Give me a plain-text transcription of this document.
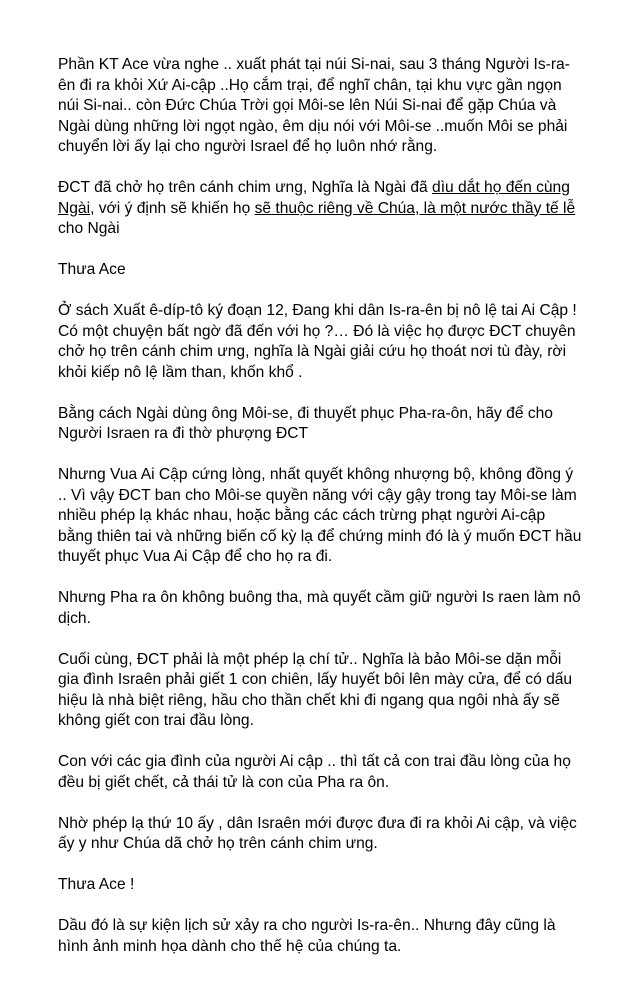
Phần KT Ace vừa nghe .. xuất phát tại núi Si-nai, sau 3 tháng Người Is-ra-ên đi ra khỏi Xứ Ai-cập ..Họ cắm trại, để nghĩ chân, tại khu vực gần ngọn núi Si-nai.. còn Đức Chúa Trời gọi Môi-se lên Núi Si-nai để gặp Chúa và Ngài dùng những lời ngọt ngào, êm dịu nói với Môi-se ..muốn Môi se phải chuyển lời ấy lại cho người Israel để họ luôn nhớ rằng.

ĐCT đã chở họ trên cánh chim ưng, Nghĩa là Ngài đã dìu dắt họ đến cùng Ngài, với ý định sẽ khiến họ sẽ thuộc riêng về Chúa, là một nước thầy tế lễ cho Ngài

Thưa Ace

Ở sách Xuất ê-díp-tô ký đoạn 12, Đang khi dân Is-ra-ên bị nô lệ tai Ai Cập ! Có một chuyện bất ngờ đã đến với họ ?… Đó là việc họ được ĐCT chuyên chở họ trên cánh chim ưng, nghĩa là Ngài giải cứu họ thoát nơi tù đày, rời khỏi kiếp nô lệ lầm than, khốn khổ .

Bằng cách Ngài dùng ông Môi-se, đi thuyết phục Pha-ra-ôn, hãy để cho Người Israen ra đi thờ phượng ĐCT

Nhưng Vua Ai Cập cứng lòng, nhất quyết không nhượng bộ, không đồng ý .. Vì vậy ĐCT ban cho Môi-se quyền năng với cậy gậy trong tay Môi-se làm nhiều phép lạ khác nhau, hoặc bằng các cách trừng phạt người Ai-cập bằng thiên tai và những biến cố kỳ lạ để chứng minh đó là ý muốn ĐCT hầu thuyết phục Vua Ai Cập để cho họ ra đi.

Nhưng Pha ra ôn không buông tha, mà quyết cầm giữ người Is raen làm nô dịch.

Cuối cùng, ĐCT phải là một phép lạ chí tử.. Nghĩa là bảo Môi-se dặn mỗi gia đình Israên phải giết 1 con chiên, lấy huyết bôi lên mày cửa, để có dấu hiệu là nhà biệt riêng, hầu cho thần chết khi đi ngang qua ngôi nhà ấy sẽ không giết con trai đầu lòng.

Con với các gia đình của người Ai cập .. thì tất cả con trai đầu lòng của họ đều bị giết chết, cả thái tử là con của Pha ra ôn.

Nhờ phép lạ thứ 10 ấy , dân Israên mới được đưa đi ra khỏi Ai cập, và việc ấy y như Chúa dã chở họ trên cánh chim ưng.

Thưa Ace !

Dầu đó là sự kiện lịch sử xảy ra cho người Is-ra-ên.. Nhưng đây cũng là hình ảnh minh họa dành cho thế hệ của chúng ta.
